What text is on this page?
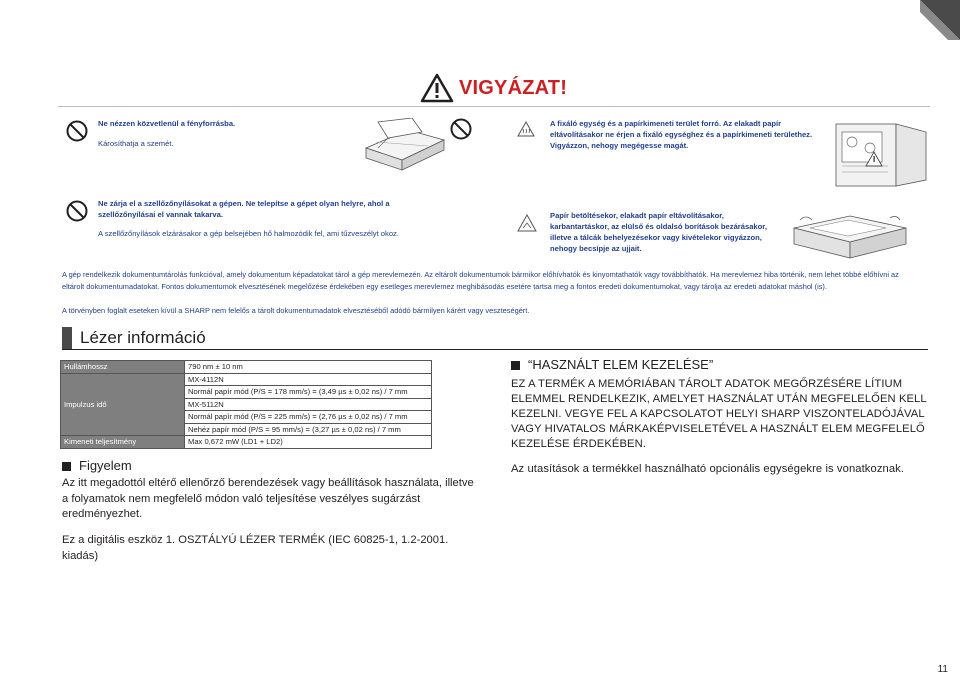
VIGYÁZAT!
Ne nézzen közvetlenül a fényforrásba.
Károsíthatja a szemét.
A fixáló egység és a papírkimeneti terület forró. Az elakadt papír eltávolításakor ne érjen a fixáló egységhez és a papírkimeneti területhez. Vigyázzon, nehogy megégesse magát.
Ne zárja el a szellőzőnyílásokat a gépen. Ne telepítse a gépet olyan helyre, ahol a szellőzőnyílásai el vannak takarva.
A szellőzőnyílások elzárásakor a gép belsejében hő halmozódik fel, ami tűzveszélyt okoz.
Papír betöltésekor, elakadt papír eltávolításakor, karbantartáskor, az elülső és oldalsó borítások bezárásakor, illetve a tálcák behelyezésekor vagy kivételekor vigyázzon, nehogy becsípje az ujjait.
A gép rendelkezik dokumentumtárolás funkcióval, amely dokumentum képadatokat tárol a gép merevlemezén. Az eltárolt dokumentumok bármikor előhívhatók és kinyomtathatók vagy továbbíthatók. Ha merevlemez hiba történik, nem lehet többé előhívni az eltárolt dokumentumadatokat. Fontos dokumentumok elvesztésének megelőzése érdekében egy esetleges merevlemez meghibásodás esetére tartsa meg a fontos eredeti dokumentumokat, vagy tárolja az eredeti adatokat máshol (is).
A törvényben foglalt eseteken kívül a SHARP nem felelős a tárolt dokumentumadatok elvesztéséből adódó bármilyen kárért vagy veszteségért.
Lézer információ
Hullámhossz	790 nm ± 10 nm
Impulzus idő	MX-4112N
	Normál papír mód (P/S = 178 mm/s) = (3,49 µs ± 0,02 ns) / 7 mm
	MX-5112N
	Normál papír mód (P/S = 225 mm/s) = (2,76 µs ± 0,02 ns) / 7 mm
	Nehéz papír mód (P/S = 95 mm/s) = (3,27 µs ± 0,02 ns) / 7 mm
Kimeneti teljesítmény	Max 0,672 mW (LD1 + LD2)
Figyelem
Az itt megadottól eltérő ellenőrző berendezések vagy beállítások használata, illetve a folyamatok nem megfelelő módon való teljesítése veszélyes sugárzást eredményezhet.
Ez a digitális eszköz 1. OSZTÁLYÚ LÉZER TERMÉK (IEC 60825-1, 1.2-2001. kiadás)
“HASZNÁLT ELEM KEZELÉSE”
EZ A TERMÉK A MEMÓRIÁBAN TÁROLT ADATOK MEGŐRZÉSÉRE LÍTIUM ELEMMEL RENDELKEZIK, AMELYET HASZNÁLAT UTÁN MEGFELELŐEN KELL KEZELNI. VEGYE FEL A KAPCSOLATOT HELYI SHARP VISZONTELADÓJÁVAL VAGY HIVATALOS MÁRKAKÉPVISELETÉVEL A HASZNÁLT ELEM MEGFELELŐ KEZELÉSE ÉRDEKÉBEN.
Az utasítások a termékkel használható opcionális egységekre is vonatkoznak.
11
